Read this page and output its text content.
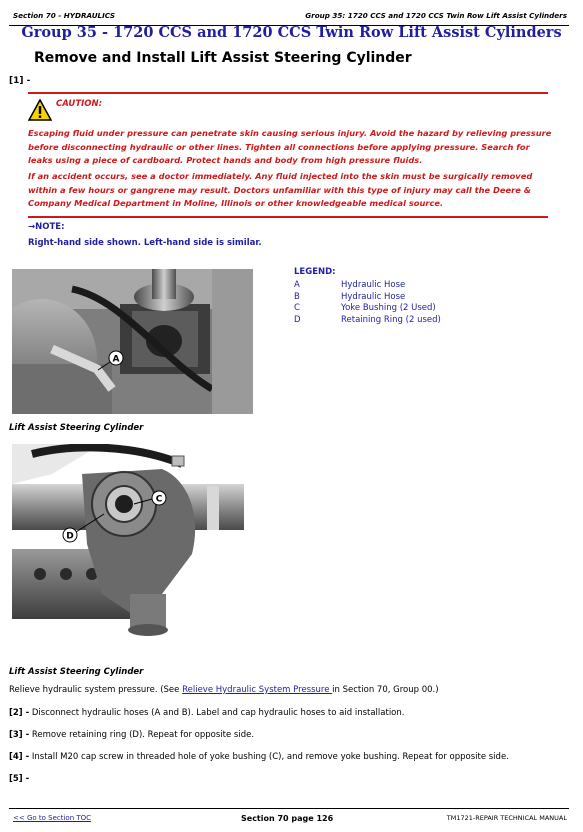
Section 70 - HYDRAULICS	Group 35: 1720 CCS and 1720 CCS Twin Row Lift Assist Cylinders
Group 35 - 1720 CCS and 1720 CCS Twin Row Lift Assist Cylinders
Remove and Install Lift Assist Steering Cylinder
[1] -
CAUTION:

Escaping fluid under pressure can penetrate skin causing serious injury. Avoid the hazard by relieving pressure before disconnecting hydraulic or other lines. Tighten all connections before applying pressure. Search for leaks using a piece of cardboard. Protect hands and body from high pressure fluids.

If an accident occurs, see a doctor immediately. Any fluid injected into the skin must be surgically removed within a few hours or gangrene may result. Doctors unfamiliar with this type of injury may call the Deere & Company Medical Department in Moline, Illinois or other knowledgeable medical source.

→NOTE:
Right-hand side shown. Left-hand side is similar.
A
LEGEND:
A	Hydraulic Hose
B	Hydraulic Hose
C	Yoke Bushing (2 Used)
D	Retaining Ring (2 used)
Lift Assist Steering Cylinder
C
D
Lift Assist Steering Cylinder
Relieve hydraulic system pressure. (See Relieve Hydraulic System Pressure in Section 70, Group 00.)
[2] - Disconnect hydraulic hoses (A and B). Label and cap hydraulic hoses to aid installation.
[3] - Remove retaining ring (D). Repeat for opposite side.
[4] - Install M20 cap screw in threaded hole of yoke bushing (C), and remove yoke bushing. Repeat for opposite side.
[5] -
<< Go to Section TOC	Section 70 page 126	TM1721-REPAIR TECHNICAL MANUAL
